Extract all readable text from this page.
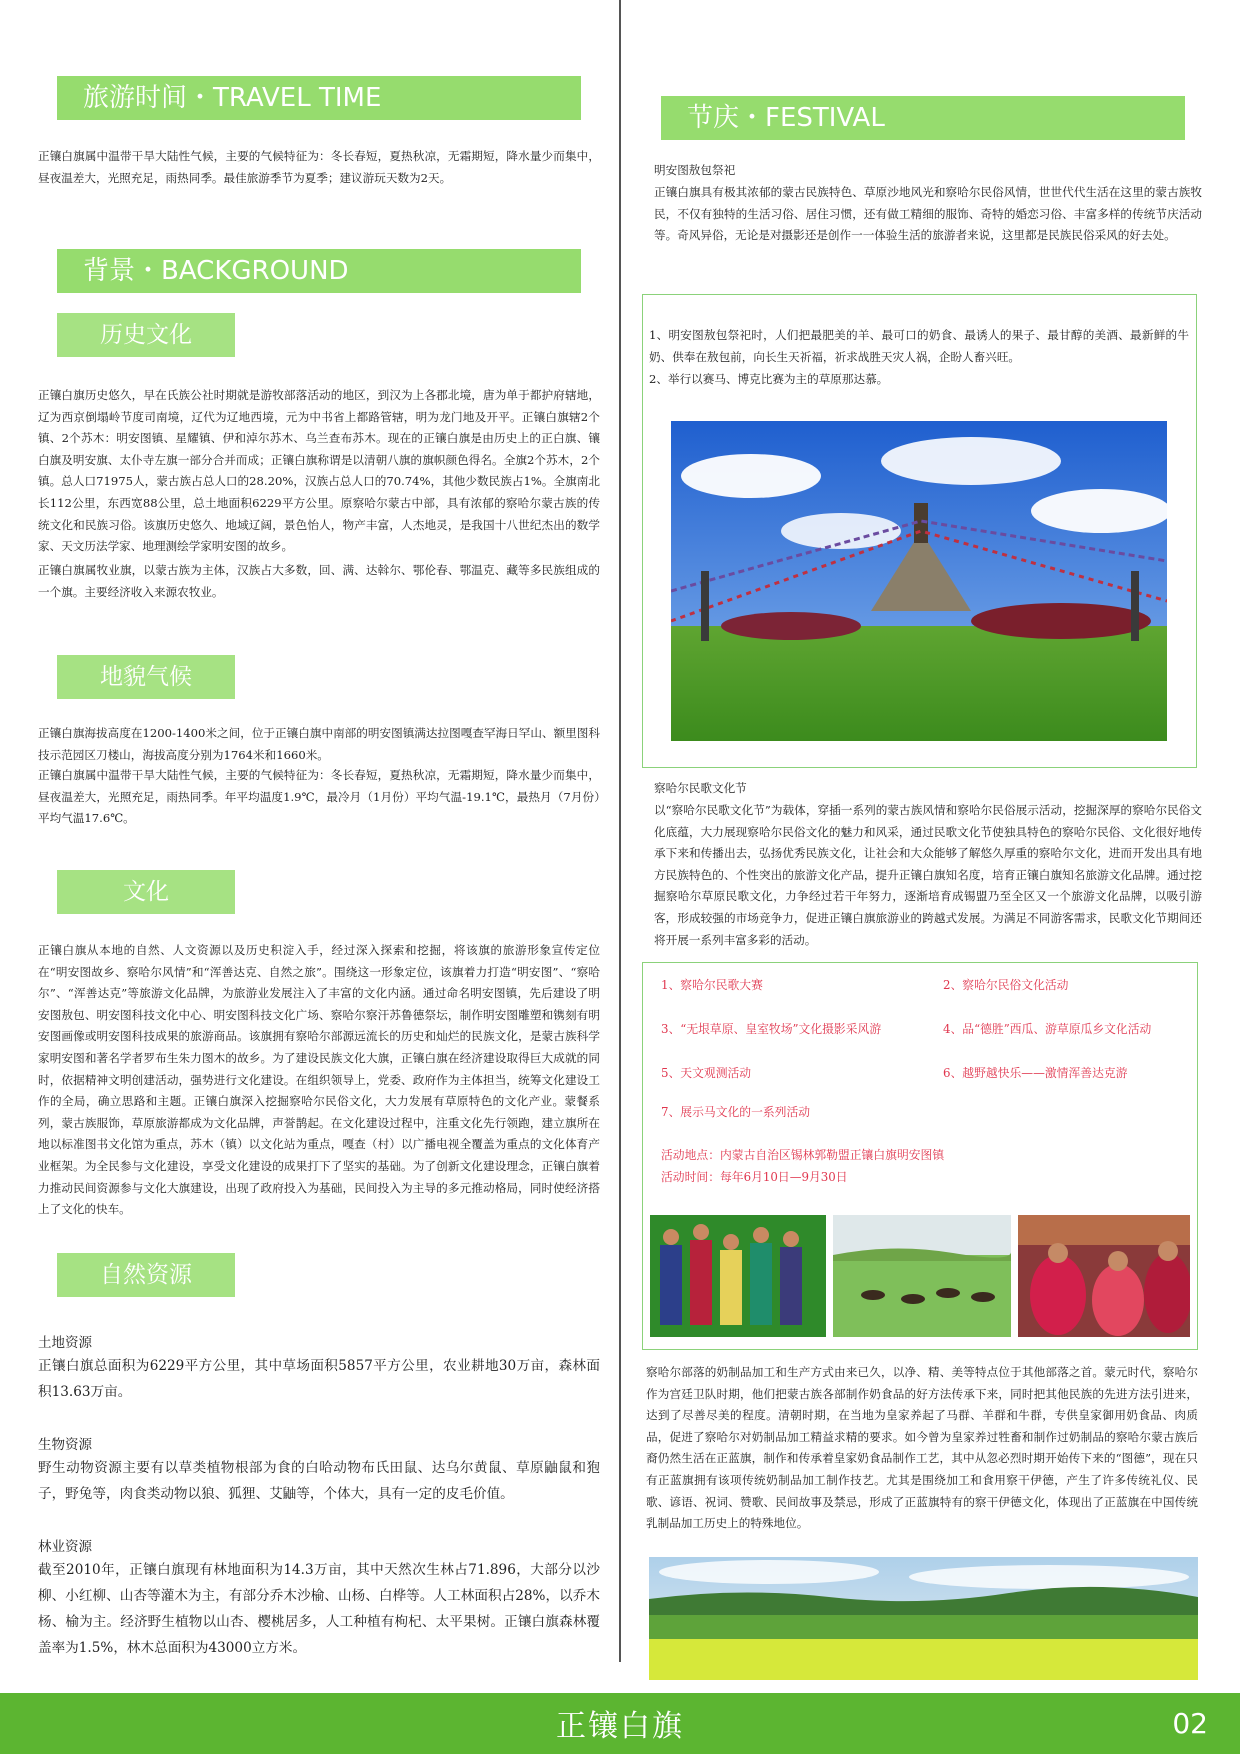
旅游时间・TRAVEL TIME

正镶白旗属中温带干旱大陆性气候，主要的气候特征为：冬长春短，夏热秋凉，无霜期短，降水量少而集中，昼夜温差大，光照充足，雨热同季。最佳旅游季节为夏季；建议游玩天数为2天。

背景・BACKGROUND
历史文化

正镶白旗历史悠久，早在氏族公社时期就是游牧部落活动的地区，到汉为上各郡北境，唐为单于都护府辖地，辽为西京倒塌岭节度司南境，辽代为辽地西境，元为中书省上都路管辖，明为龙门地及开平。正镶白旗辖2个镇、2个苏木：明安图镇、星耀镇、伊和淖尔苏木、乌兰查布苏木。现在的正镶白旗是由历史上的正白旗、镶白旗及明安旗、太仆寺左旗一部分合并而成；正镶白旗称谓是以清朝八旗的旗帜颜色得名。全旗2个苏木，2个镇。总人口71975人，蒙古族占总人口的28.20%，汉族占总人口的70.74%，其他少数民族占1%。全旗南北长112公里，东西宽88公里，总土地面积6229平方公里。原察哈尔蒙古中部，具有浓郁的察哈尔蒙古族的传统文化和民族习俗。该旗历史悠久、地域辽阔，景色怡人，物产丰富，人杰地灵，是我国十八世纪杰出的数学家、天文历法学家、地理测绘学家明安图的故乡。

正镶白旗属牧业旗，以蒙古族为主体，汉族占大多数，回、满、达斡尔、鄂伦春、鄂温克、藏等多民族组成的一个旗。主要经济收入来源农牧业。

地貌气候

正镶白旗海拔高度在1200-1400米之间，位于正镶白旗中南部的明安图镇满达拉图嘎查罕海日罕山、额里图科技示范园区刀楼山，海拔高度分别为1764米和1660米。

正镶白旗属中温带干旱大陆性气候，主要的气候特征为：冬长春短，夏热秋凉，无霜期短，降水量少而集中，昼夜温差大，光照充足，雨热同季。年平均温度1.9℃，最冷月（1月份）平均气温-19.1℃，最热月（7月份）平均气温17.6℃。

文化

正镶白旗从本地的自然、人文资源以及历史积淀入手，经过深入探索和挖掘，将该旗的旅游形象宣传定位在“明安图故乡、察哈尔风情”和“浑善达克、自然之旅”。围绕这一形象定位，该旗着力打造“明安图”、“察哈尔”、“浑善达克”等旅游文化品牌，为旅游业发展注入了丰富的文化内涵。通过命名明安图镇，先后建设了明安图敖包、明安图科技文化中心、明安图科技文化广场、察哈尔察汗苏鲁德祭坛，制作明安图雕塑和镌刻有明安图画像或明安图科技成果的旅游商品。该旗拥有察哈尔部源远流长的历史和灿烂的民族文化，是蒙古族科学家明安图和著名学者罗布生朱力图木的故乡。为了建设民族文化大旗，正镶白旗在经济建设取得巨大成就的同时，依据精神文明创建活动，强势进行文化建设。在组织领导上，党委、政府作为主体担当，统筹文化建设工作的全局，确立思路和主题。正镶白旗深入挖掘察哈尔民俗文化，大力发展有草原特色的文化产业。蒙餐系列，蒙古族服饰，草原旅游都成为文化品牌，声誉鹊起。在文化建设过程中，注重文化先行领跑，建立旗所在地以标准图书文化馆为重点，苏木（镇）以文化站为重点，嘎查（村）以广播电视全覆盖为重点的文化体育产业框架。为全民参与文化建设，享受文化建设的成果打下了坚实的基础。为了创新文化建设理念，正镶白旗着力推动民间资源参与文化大旗建设，出现了政府投入为基础，民间投入为主导的多元推动格局，同时使经济搭上了文化的快车。

自然资源

土地资源

正镶白旗总面积为6229平方公里，其中草场面积5857平方公里，农业耕地30万亩，森林面积13.63万亩。

生物资源

野生动物资源主要有以草类植物根部为食的白哈动物布氏田鼠、达乌尔黄鼠、草原鼬鼠和狍子，野兔等，肉食类动物以狼、狐狸、艾鼬等，个体大，具有一定的皮毛价值。

林业资源

截至2010年，正镶白旗现有林地面积为14.3万亩，其中天然次生林占71.896，大部分以沙柳、小红柳、山杏等灌木为主，有部分乔木沙榆、山杨、白桦等。人工林面积占28%，以乔木杨、榆为主。经济野生植物以山杏、樱桃居多，人工种植有枸杞、太平果树。正镶白旗森林覆盖率为1.5%，林木总面积为43000立方米。

节庆・FESTIVAL

明安图敖包祭祀

正镶白旗具有极其浓郁的蒙古民族特色、草原沙地风光和察哈尔民俗风情，世世代代生活在这里的蒙古族牧民，不仅有独特的生活习俗、居住习惯，还有做工精细的服饰、奇特的婚恋习俗、丰富多样的传统节庆活动等。奇风异俗，无论是对摄影还是创作一一体验生活的旅游者来说，这里都是民族民俗采风的好去处。

1、明安图敖包祭祀时，人们把最肥美的羊、最可口的奶食、最诱人的果子、最甘醇的美酒、最新鲜的牛奶、供奉在敖包前，向长生天祈福，祈求战胜天灾人祸，企盼人畜兴旺。

2、举行以赛马、博克比赛为主的草原那达慕。

察哈尔民歌文化节

以“察哈尔民歌文化节”为载体，穿插一系列的蒙古族风情和察哈尔民俗展示活动，挖掘深厚的察哈尔民俗文化底蕴，大力展现察哈尔民俗文化的魅力和风采，通过民歌文化节使独具特色的察哈尔民俗、文化很好地传承下来和传播出去，弘扬优秀民族文化，让社会和大众能够了解悠久厚重的察哈尔文化，进而开发出具有地方民族特色的、个性突出的旅游文化产品，提升正镶白旗知名度，培育正镶白旗知名旅游文化品牌。通过挖掘察哈尔草原民歌文化，力争经过若干年努力，逐渐培育成锡盟乃至全区又一个旅游文化品牌，以吸引游客，形成较强的市场竞争力，促进正镶白旗旅游业的跨越式发展。为满足不同游客需求，民歌文化节期间还将开展一系列丰富多彩的活动。

1、察哈尔民歌大赛	2、察哈尔民俗文化活动

3、“无垠草原、皇室牧场”文化摄影采风游	4、品“德胜”西瓜、游草原瓜乡文化活动

5、天文观测活动	6、越野越快乐——激情浑善达克游

7、展示马文化的一系列活动

活动地点：内蒙古自治区锡林郭勒盟正镶白旗明安图镇

活动时间：每年6月10日—9月30日

察哈尔部落的奶制品加工和生产方式由来已久，以净、精、美等特点位于其他部落之首。蒙元时代，察哈尔作为宫廷卫队时期，他们把蒙古族各部制作奶食品的好方法传承下来，同时把其他民族的先进方法引进来，达到了尽善尽美的程度。清朝时期，在当地为皇家养起了马群、羊群和牛群，专供皇家御用奶食品、肉质品，促进了察哈尔对奶制品加工精益求精的要求。如今曾为皇家养过牲畜和制作过奶制品的察哈尔蒙古族后裔仍然生活在正蓝旗，制作和传承着皇家奶食品制作工艺，其中从忽必烈时期开始传下来的“图德”，现在只有正蓝旗拥有该项传统奶制品加工制作技艺。尤其是围绕加工和食用察干伊德，产生了许多传统礼仪、民歌、谚语、祝词、赞歌、民间故事及禁忌，形成了正蓝旗特有的察干伊德文化，体现出了正蓝旗在中国传统乳制品加工历史上的特殊地位。

正镶白旗	02
